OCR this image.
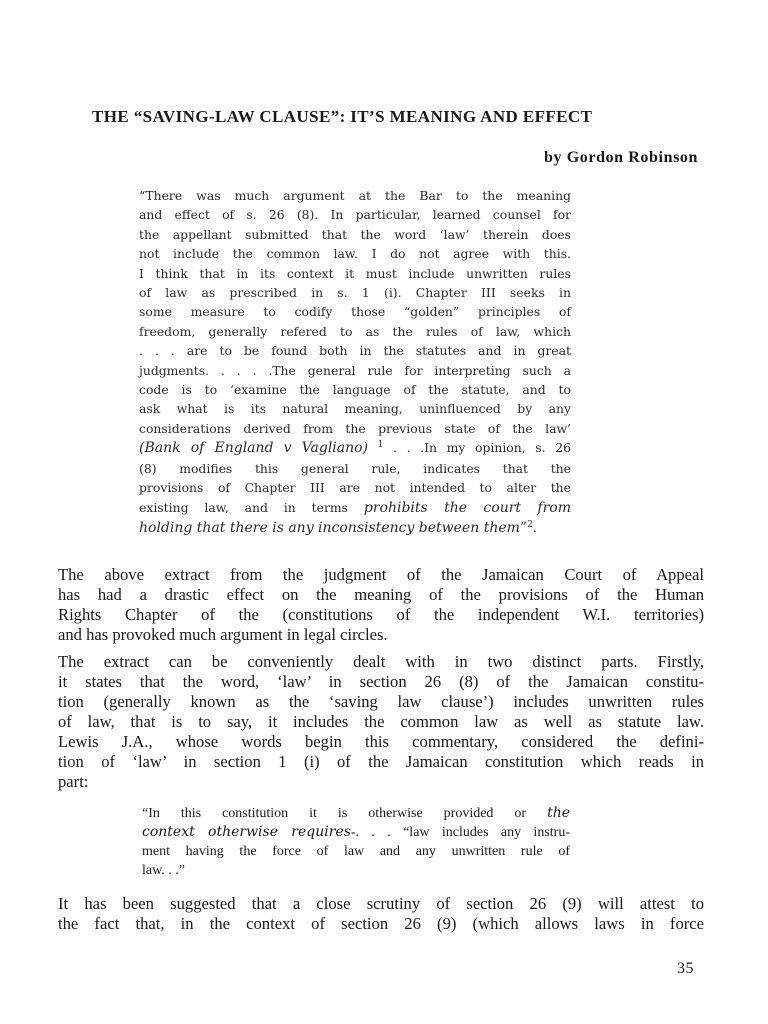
THE “SAVING-LAW CLAUSE”: IT’S MEANING AND EFFECT
by Gordon Robinson
“There was much argument at the Bar to the meaning
and effect of s. 26 (8). In particular, learned counsel for
the appellant submitted that the word ‘law’ therein does
not include the common law. I do not agree with this.
I think that in its context it must include unwritten rules
of law as prescribed in s. 1 (i). Chapter III seeks in
some measure to codify those “golden” principles of
freedom, generally refered to as the rules of law, which
. . . are to be found both in the statutes and in great
judgments. . . . .The general rule for interpreting such a
code is to ‘examine the language of the statute, and to
ask what is its natural meaning, uninfluenced by any
considerations derived from the previous state of the law’
(Bank of England v Vagliano) $^1$ . . .In my opinion, s. 26
(8) modifies this general rule, indicates that the
provisions of Chapter III are not intended to alter the
existing law, and in terms prohibits the court from
holding that there is any inconsistency between them”$^2$.
The above extract from the judgment of the Jamaican Court of Appeal
has had a drastic effect on the meaning of the provisions of the Human
Rights Chapter of the (constitutions of the independent W.I. territories)
and has provoked much argument in legal circles.
The extract can be conveniently dealt with in two distinct parts. Firstly,
it states that the word, ‘law’ in section 26 (8) of the Jamaican constitu-
tion (generally known as the ‘saving law clause’) includes unwritten rules
of law, that is to say, it includes the common law as well as statute law.
Lewis J.A., whose words begin this commentary, considered the defini-
tion of ‘law’ in section 1 (i) of the Jamaican constitution which reads in
part:
“In this constitution it is otherwise provided or the
context otherwise requires-. . . “law includes any instru-
ment having the force of law and any unwritten rule of
law. . .”
It has been suggested that a close scrutiny of section 26 (9) will attest to
the fact that, in the context of section 26 (9) (which allows laws in force
35
